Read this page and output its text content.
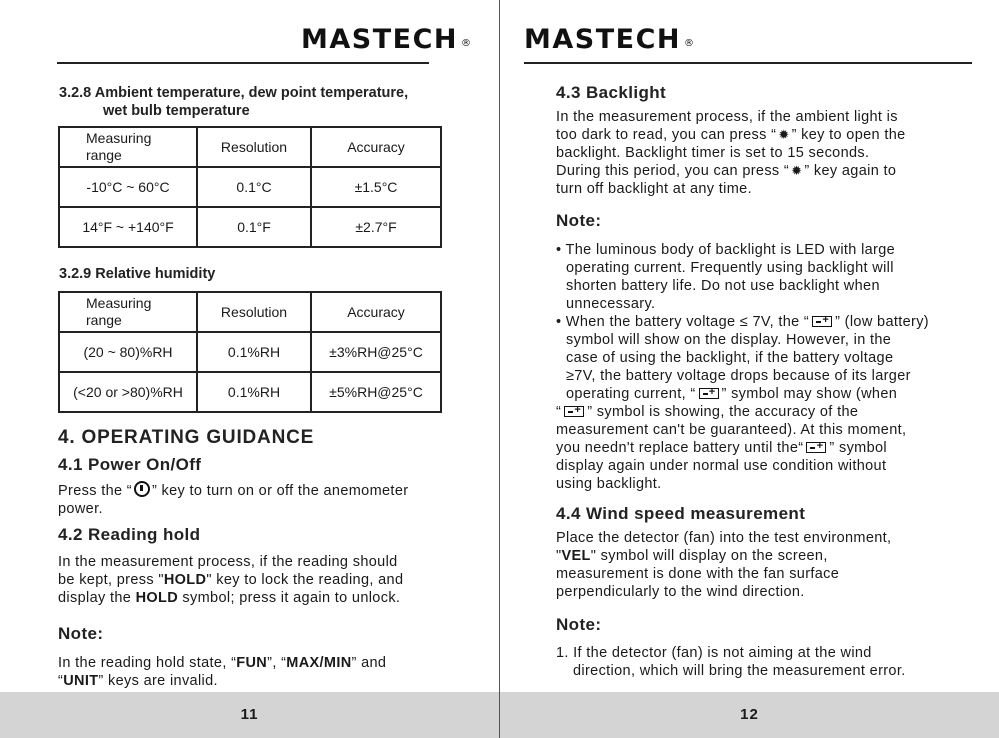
MASTECH ®
3.2.8 Ambient temperature, dew point temperature,
wet bulb temperature
Measuring range	Resolution	Accuracy
-10°C ~ 60°C	0.1°C	±1.5°C
14°F ~ +140°F	0.1°F	±2.7°F
3.2.9 Relative humidity
Measuring range	Resolution	Accuracy
(20 ~ 80)%RH	0.1%RH	±3%RH@25°C
(<20 or >80)%RH	0.1%RH	±5%RH@25°C
4. OPERATING GUIDANCE
4.1 Power On/Off
Press the “ ” key to turn on or off the anemometer
power.
4.2 Reading hold
In the measurement process, if the reading should
be kept, press "HOLD" key to lock the reading, and
display the HOLD symbol; press it again to unlock.
Note:
In the reading hold state, “FUN”, “MAX/MIN” and
“UNIT” keys are invalid.
11
MASTECH ®
4.3 Backlight
In the measurement process, if the ambient light is
too dark to read, you can press “ ✹ ” key to open the
backlight. Backlight timer is set to 15 seconds.
During this period, you can press “ ✹ ” key again to
turn off backlight at any time.
Note:
• The luminous body of backlight is LED with large
operating current. Frequently using backlight will
shorten battery life. Do not use backlight when
unnecessary.
• When the battery voltage ≤ 7V, the “ + ” (low battery)
symbol will show on the display. However, in the
case of using the backlight, if the battery voltage
≥7V, the battery voltage drops because of its larger
operating current, “ + ” symbol may show (when
“ + ” symbol is showing, the accuracy of the
measurement can't be guaranteed). At this moment,
you needn't replace battery until the“ + ” symbol
display again under normal use condition without
using backlight.
4.4 Wind speed measurement
Place the detector (fan) into the test environment,
"VEL" symbol will display on the screen,
measurement is done with the fan surface
perpendicularly to the wind direction.
Note:
1. If the detector (fan) is not aiming at the wind
direction, which will bring the measurement error.
12
